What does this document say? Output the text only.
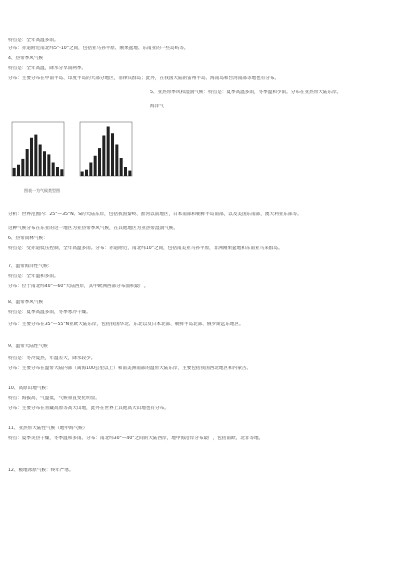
特点是：全年高温多雨。
分布：赤道附近南北纬5°-10°之间，包括亚马孙平原、刚果盆地、东南亚的一些岛屿等。
4、热带季风气候
特点是：全年高温，降水分旱雨两季。
分布：主要分布在中南半岛、印度半岛的大部分地区，菲律宾群岛；此外，在我国大陆的雷州半岛、海南岛和台湾南部等地也有分布。
5、亚热带季风和湿润气候：特点是：夏季高温多雨，冬季温和少雨。分布在亚热带大陆东岸。
海洋气
图表一为气候类型图
分析：世界范围内：25°—35°N、S的大陆东岸，包括我国秦岭、淮河以南地区，日本南部和朝鲜半岛南部，以及美国东南部，澳大利亚东部等。
这种气候分布在东亚的这一地区为亚热带季风气候，在其他地区为亚热带湿润气候。
6、热带雨林气候：
特点是：受赤道低压控制，全年高温多雨。分布：赤道附近，南北纬10°之间，包括南美亚马孙平原，非洲刚果盆地和东南亚马来群岛。
7、温带海洋性气候：
特点是：全年温和多雨。
分布：位于南北纬40°—60°大陆西岸，其中欧洲西部分布面积最广。
8、温带季风气候
特点是：夏季高温多雨，冬季寒冷干燥。
分布：主要分布在35°—55°N亚欧大陆东岸，包括我国华北、东北以及日本北部、朝鲜半岛北部、俄罗斯远东地区。
9、温带大陆性气候
特点是：冬冷夏热，年温差大，降水较少。
分布：主要分布在温带大陆内部（离海100公里以上）和南美洲南部的温带大陆东岸，主要包括我国西北地区和内蒙古。
10、高原山地气候：
特点：海拔高，气温低，气候垂直变化明显。
分布：主要分布在青藏高原等高大山地，此外在世界上其他高大山地也有分布。
11、亚热带大陆性气候（地中海气候）
特点：夏季炎热干燥，冬季温和多雨。分布：南北纬30°—40°之间的大陆西岸，地中海沿岸分布最广，包括南欧、北非等地。
12、极地冰原气候：终年严寒。
